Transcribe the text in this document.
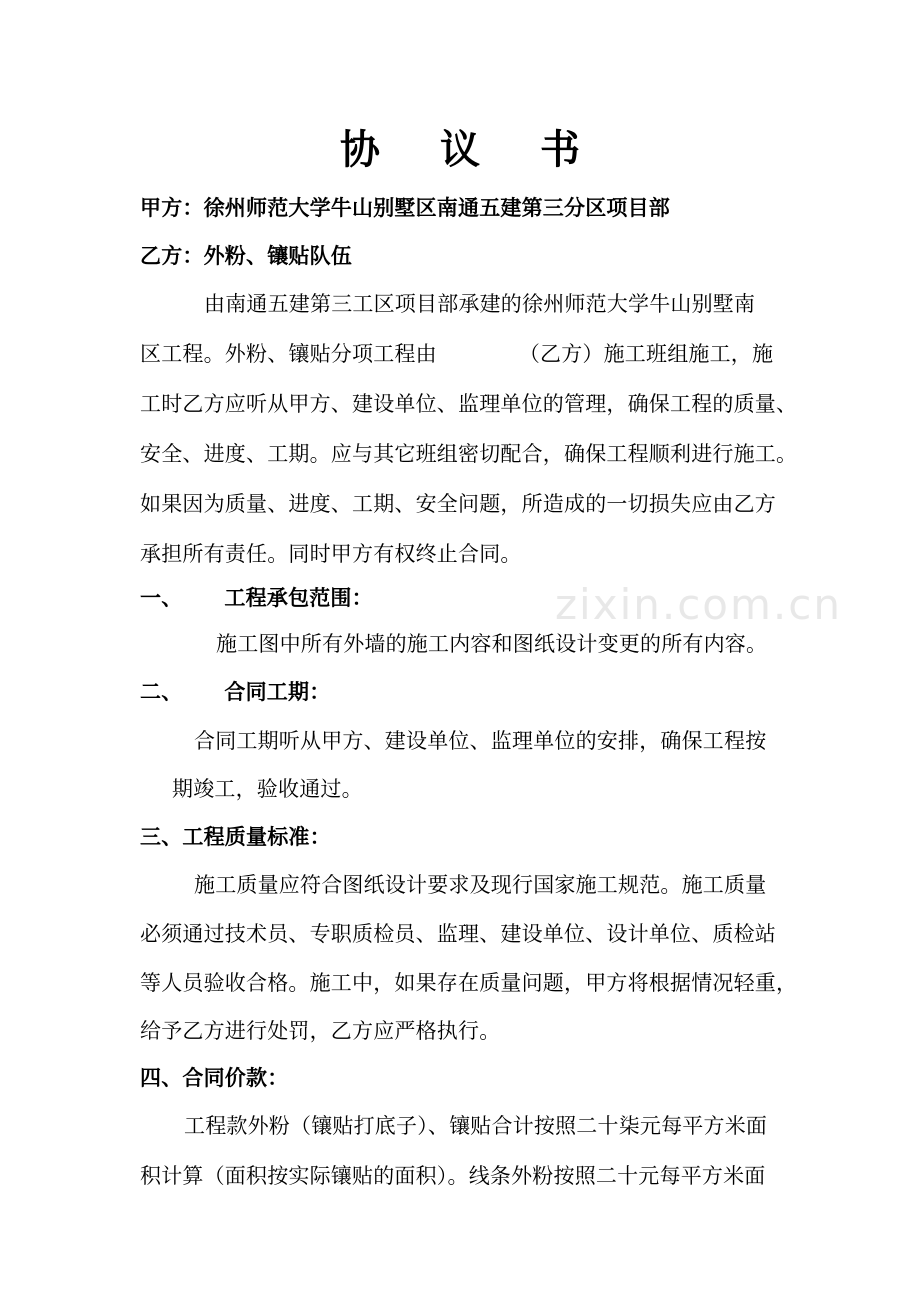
协 议 书
甲方：徐州师范大学牛山别墅区南通五建第三分区项目部
乙方：外粉、镶贴队伍
由南通五建第三工区项目部承建的徐州师范大学牛山别墅南
区工程。外粉、镶贴分项工程由	（乙方）施工班组施工，施
工时乙方应听从甲方、建设单位、监理单位的管理，确保工程的质量、
安全、进度、工期。应与其它班组密切配合，确保工程顺利进行施工。
如果因为质量、进度、工期、安全问题，所造成的一切损失应由乙方
承担所有责任。同时甲方有权终止合同。
一、 工程承包范围：
施工图中所有外墙的施工内容和图纸设计变更的所有内容。
二、 合同工期：
合同工期听从甲方、建设单位、监理单位的安排，确保工程按
期竣工，验收通过。
三、工程质量标准：
施工质量应符合图纸设计要求及现行国家施工规范。施工质量
必须通过技术员、专职质检员、监理、建设单位、设计单位、质检站
等人员验收合格。施工中，如果存在质量问题，甲方将根据情况轻重，
给予乙方进行处罚，乙方应严格执行。
四、合同价款：
工程款外粉（镶贴打底子）、镶贴合计按照二十柒元每平方米面
积计算（面积按实际镶贴的面积）。线条外粉按照二十元每平方米面
zixin.com.cn
